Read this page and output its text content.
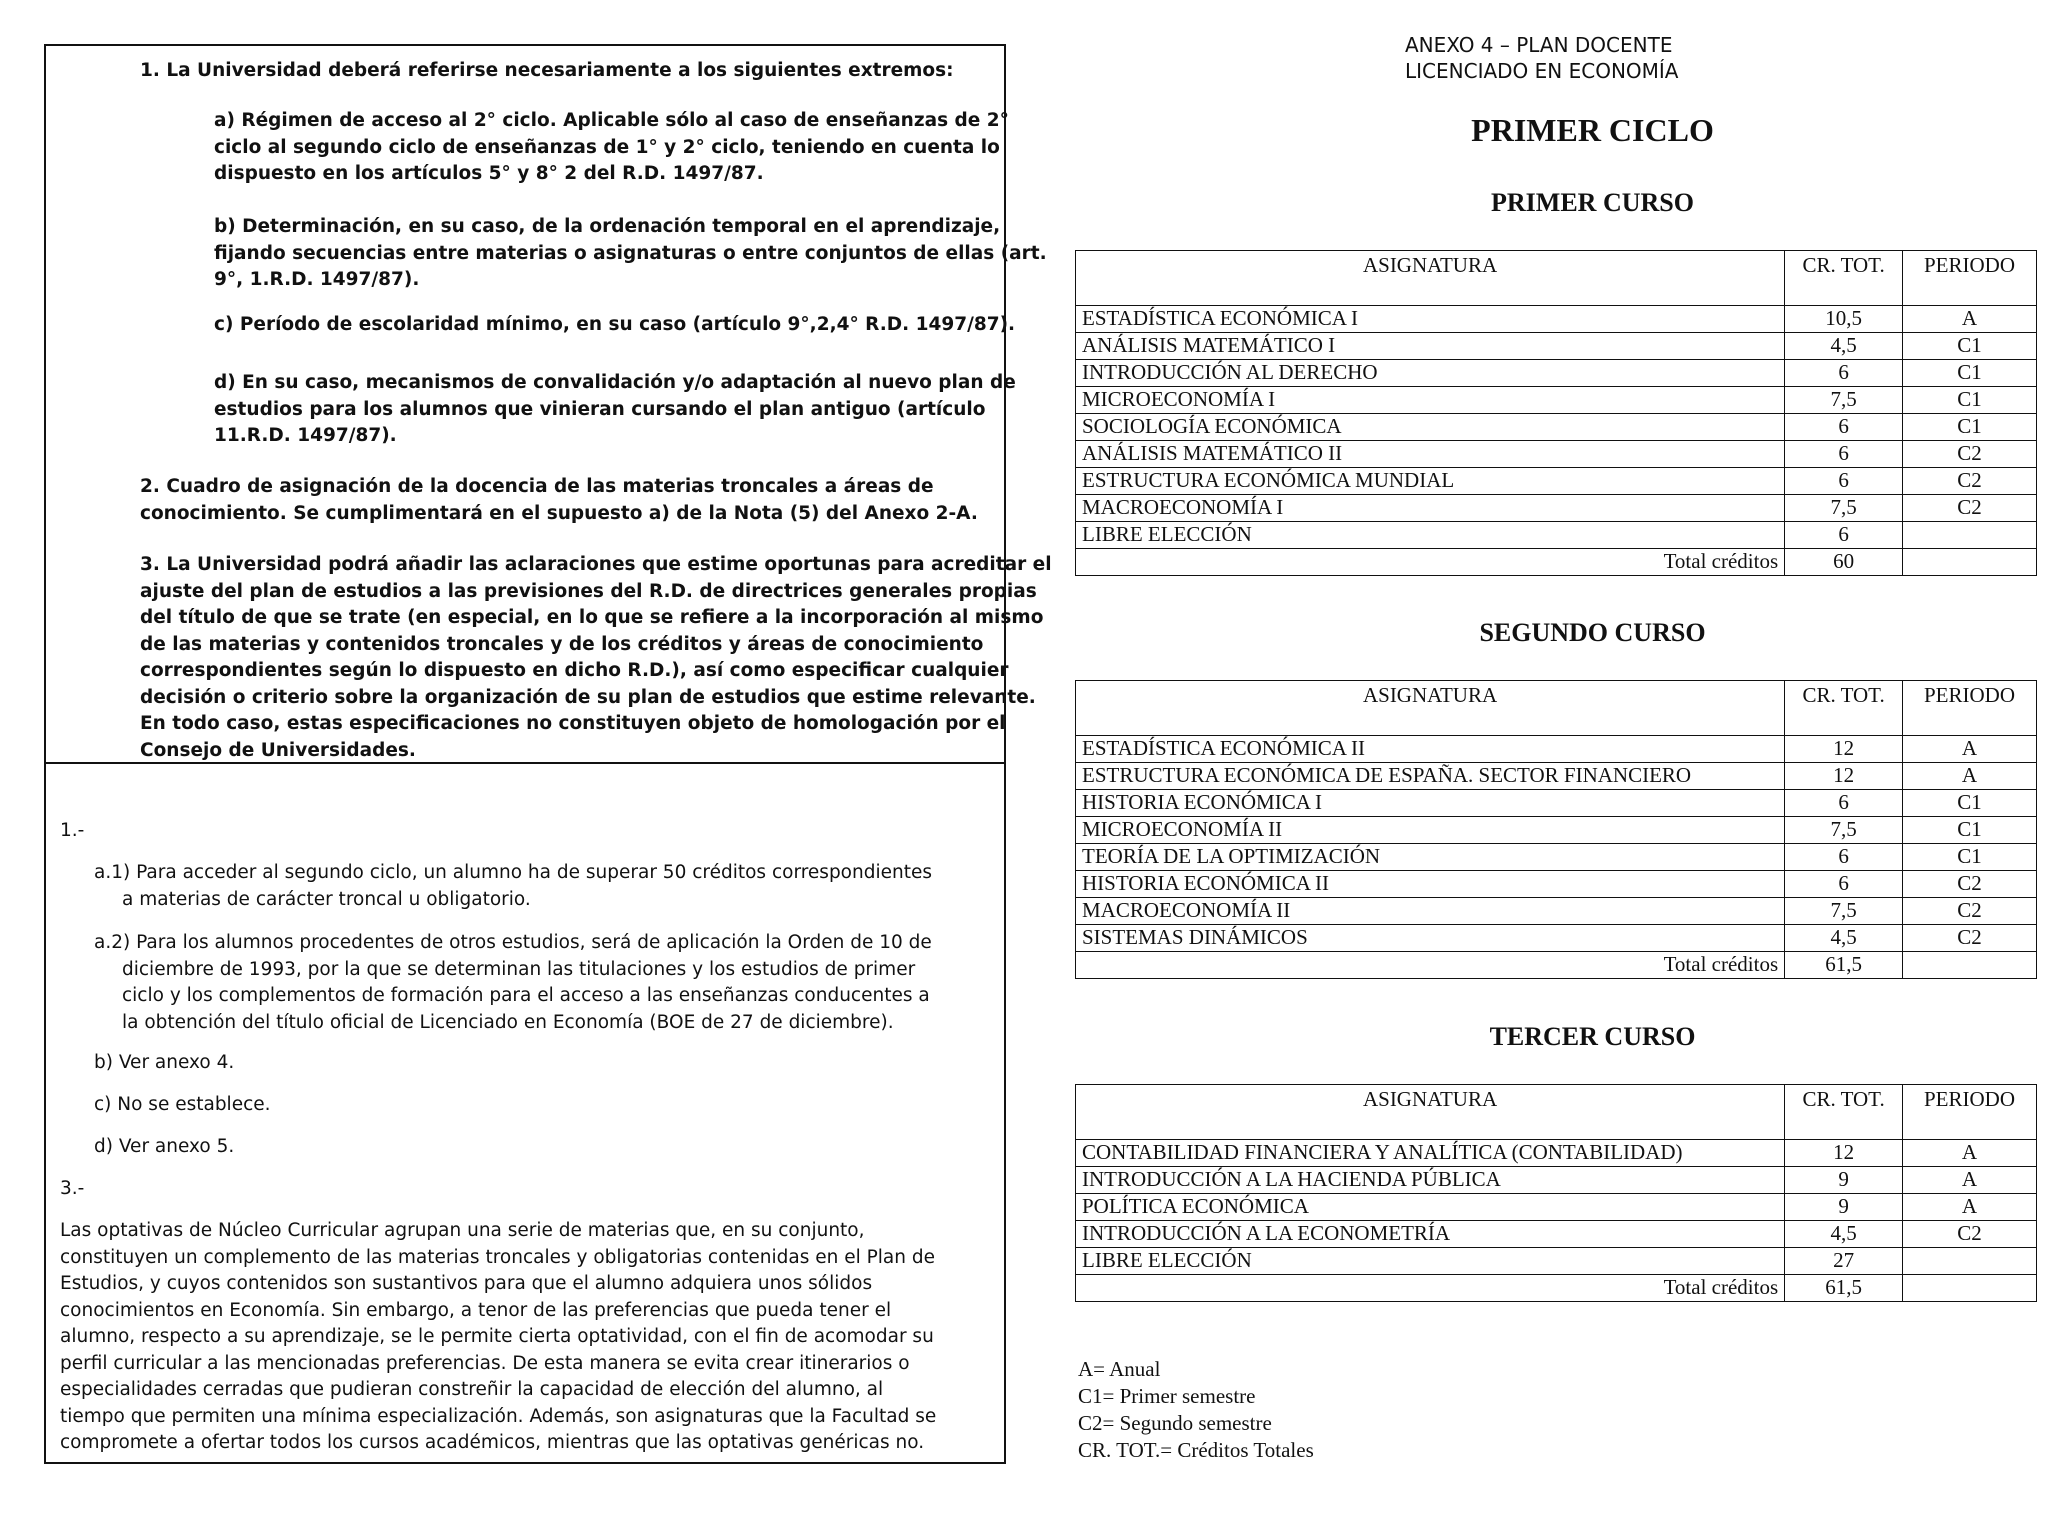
1. La Universidad deberá referirse necesariamente a los siguientes extremos:

a) Régimen de acceso al 2° ciclo. Aplicable sólo al caso de enseñanzas de 2°
ciclo al segundo ciclo de enseñanzas de 1° y 2° ciclo, teniendo en cuenta lo
dispuesto en los artículos 5° y 8° 2 del R.D. 1497/87.
b) Determinación, en su caso, de la ordenación temporal en el aprendizaje,
fijando secuencias entre materias o asignaturas o entre conjuntos de ellas (art.
9°, 1.R.D. 1497/87).
c) Período de escolaridad mínimo, en su caso (artículo 9°,2,4° R.D. 1497/87).
d) En su caso, mecanismos de convalidación y/o adaptación al nuevo plan de
estudios para los alumnos que vinieran cursando el plan antiguo (artículo
11.R.D. 1497/87).
2. Cuadro de asignación de la docencia de las materias troncales a áreas de
conocimiento. Se cumplimentará en el supuesto a) de la Nota (5) del Anexo 2-A.
3. La Universidad podrá añadir las aclaraciones que estime oportunas para acreditar el
ajuste del plan de estudios a las previsiones del R.D. de directrices generales propias
del título de que se trate (en especial, en lo que se refiere a la incorporación al mismo
de las materias y contenidos troncales y de los créditos y áreas de conocimiento
correspondientes según lo dispuesto en dicho R.D.), así como especificar cualquier
decisión o criterio sobre la organización de su plan de estudios que estime relevante.
En todo caso, estas especificaciones no constituyen objeto de homologación por el
Consejo de Universidades.
1.-
a.1) Para acceder al segundo ciclo, un alumno ha de superar 50 créditos correspondientes
a materias de carácter troncal u obligatorio.
a.2) Para los alumnos procedentes de otros estudios, será de aplicación la Orden de 10 de
diciembre de 1993, por la que se determinan las titulaciones y los estudios de primer
ciclo y los complementos de formación para el acceso a las enseñanzas conducentes a
la obtención del título oficial de Licenciado en Economía (BOE de 27 de diciembre).
b) Ver anexo 4.
c) No se establece.
d) Ver anexo 5.
3.-
Las optativas de Núcleo Curricular agrupan una serie de materias que, en su conjunto,
constituyen un complemento de las materias troncales y obligatorias contenidas en el Plan de
Estudios, y cuyos contenidos son sustantivos para que el alumno adquiera unos sólidos
conocimientos en Economía. Sin embargo, a tenor de las preferencias que pueda tener el
alumno, respecto a su aprendizaje, se le permite cierta optatividad, con el fin de acomodar su
perfil curricular a las mencionadas preferencias. De esta manera se evita crear itinerarios o
especialidades cerradas que pudieran constreñir la capacidad de elección del alumno, al
tiempo que permiten una mínima especialización. Además, son asignaturas que la Facultad se
compromete a ofertar todos los cursos académicos, mientras que las optativas genéricas no.
ANEXO 4 – PLAN DOCENTE
LICENCIADO EN ECONOMÍA
PRIMER CICLO
PRIMER CURSO
ASIGNATURA	CR. TOT.	PERIODO
ESTADÍSTICA ECONÓMICA I	10,5	A
ANÁLISIS MATEMÁTICO I	4,5	C1
INTRODUCCIÓN AL DERECHO	6	C1
MICROECONOMÍA I	7,5	C1
SOCIOLOGÍA ECONÓMICA	6	C1
ANÁLISIS MATEMÁTICO II	6	C2
ESTRUCTURA ECONÓMICA MUNDIAL	6	C2
MACROECONOMÍA I	7,5	C2
LIBRE ELECCIÓN	6	
Total créditos	60	
SEGUNDO CURSO
ASIGNATURA	CR. TOT.	PERIODO
ESTADÍSTICA ECONÓMICA II	12	A
ESTRUCTURA ECONÓMICA DE ESPAÑA. SECTOR FINANCIERO	12	A
HISTORIA ECONÓMICA I	6	C1
MICROECONOMÍA II	7,5	C1
TEORÍA DE LA OPTIMIZACIÓN	6	C1
HISTORIA ECONÓMICA II	6	C2
MACROECONOMÍA II	7,5	C2
SISTEMAS DINÁMICOS	4,5	C2
Total créditos	61,5	
TERCER CURSO
ASIGNATURA	CR. TOT.	PERIODO
CONTABILIDAD FINANCIERA Y ANALÍTICA (CONTABILIDAD)	12	A
INTRODUCCIÓN A LA HACIENDA PÚBLICA	9	A
POLÍTICA ECONÓMICA	9	A
INTRODUCCIÓN A LA ECONOMETRÍA	4,5	C2
LIBRE ELECCIÓN	27	
Total créditos	61,5	
A= Anual
C1= Primer semestre
C2= Segundo semestre
CR. TOT.= Créditos Totales
